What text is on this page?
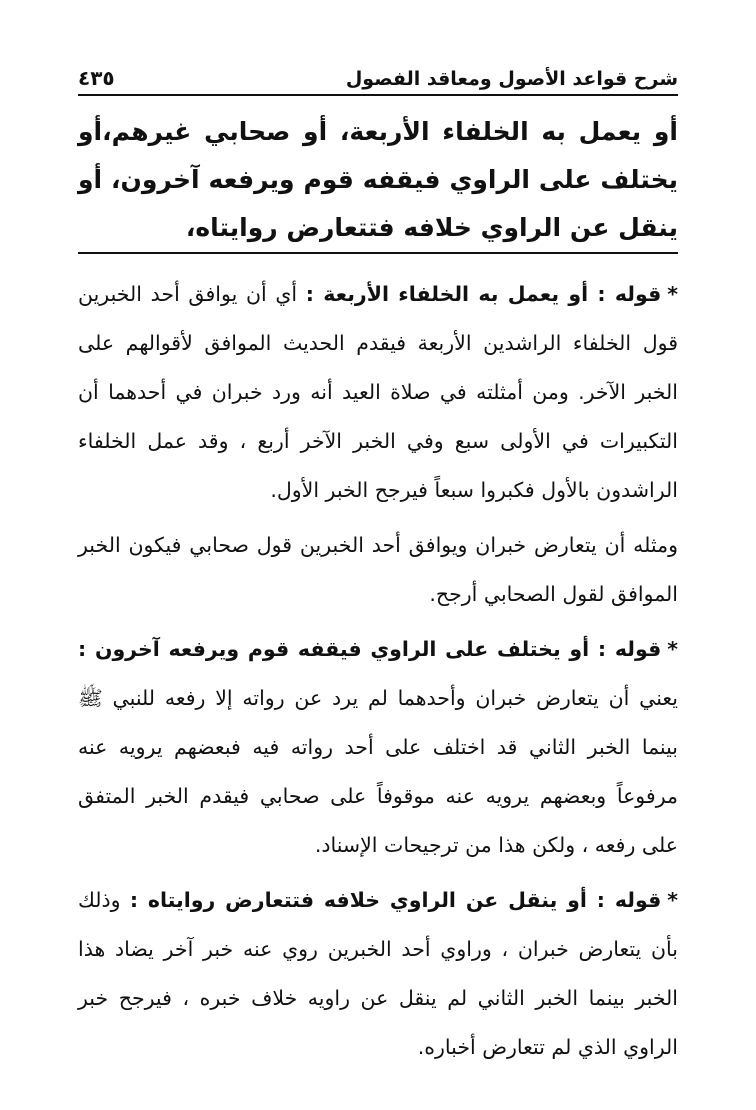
شرح قواعد الأصول ومعاقد الفصول
٤٣٥
أو يعمل به الخلفاء الأربعة، أو صحابي غيرهم،أو يختلف على الراوي فيقفه قوم ويرفعه آخرون، أو ينقل عن الراوي خلافه فتتعارض روايتاه،

*قوله : أو يعمل به الخلفاء الأربعة : أي أن يوافق أحد الخبرين قول الخلفاء الراشدين الأربعة فيقدم الحديث الموافق لأقوالهم على الخبر الآخر. ومن أمثلته في صلاة العيد أنه ورد خبران في أحدهما أن التكبيرات في الأولى سبع وفي الخبر الآخر أربع ، وقد عمل الخلفاء الراشدون بالأول فكبروا سبعاً فيرجح الخبر الأول.

ومثله أن يتعارض خبران ويوافق أحد الخبرين قول صحابي فيكون الخبر الموافق لقول الصحابي أرجح.

*قوله : أو يختلف على الراوي فيقفه قوم ويرفعه آخرون : يعني أن يتعارض خبران وأحدهما لم يرد عن رواته إلا رفعه للنبي ﷺ بينما الخبر الثاني قد اختلف على أحد رواته فيه فبعضهم يرويه عنه مرفوعاً وبعضهم يرويه عنه موقوفاً على صحابي فيقدم الخبر المتفق على رفعه ، ولكن هذا من ترجيحات الإسناد.

*قوله : أو ينقل عن الراوي خلافه فتتعارض روايتاه : وذلك بأن يتعارض خبران ، وراوي أحد الخبرين روي عنه خبر آخر يضاد هذا الخبر بينما الخبر الثاني لم ينقل عن راويه خلاف خبره ، فيرجح خبر الراوي الذي لم تتعارض أخباره.
